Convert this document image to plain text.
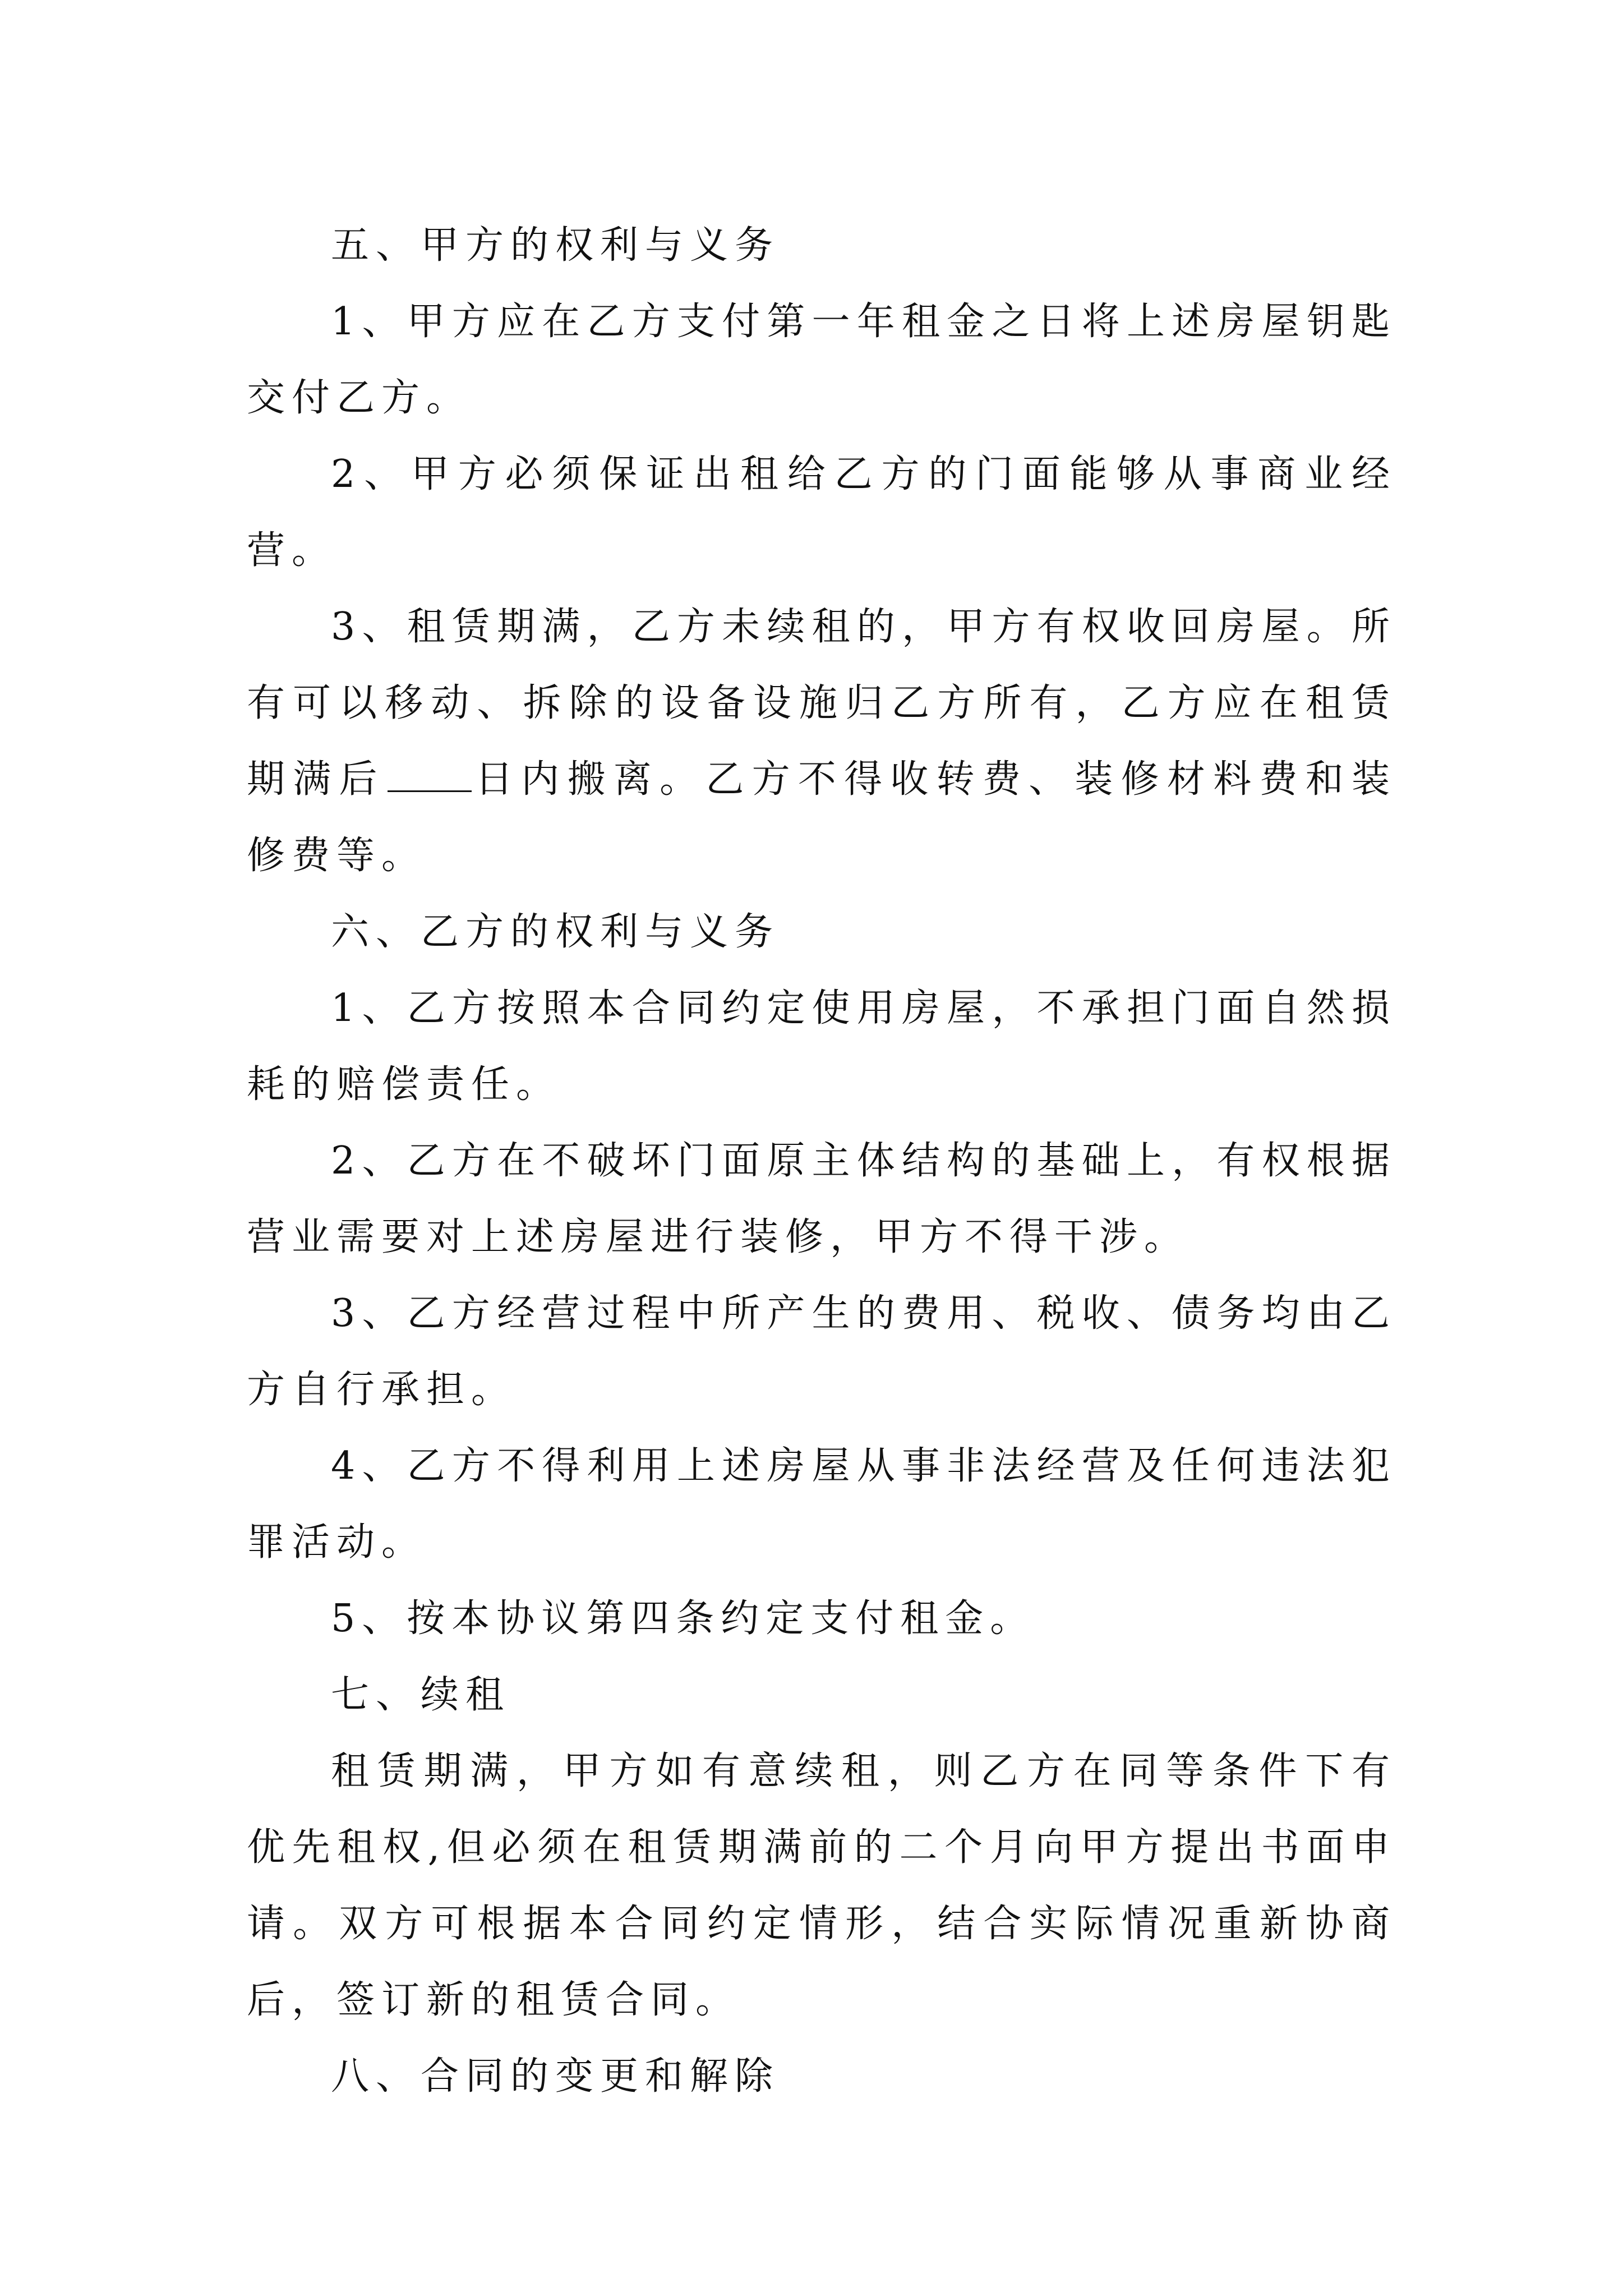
五、甲方的权利与义务

1、甲方应在乙方支付第一年租金之日将上述房屋钥匙交付乙方。

2、甲方必须保证出租给乙方的门面能够从事商业经营。

3、租赁期满，乙方未续租的，甲方有权收回房屋。所有可以移动、拆除的设备设施归乙方所有，乙方应在租赁期满后 日内搬离。乙方不得收转费、装修材料费和装修费等。

六、乙方的权利与义务

1、乙方按照本合同约定使用房屋，不承担门面自然损耗的赔偿责任。

2、乙方在不破坏门面原主体结构的基础上，有权根据营业需要对上述房屋进行装修，甲方不得干涉。

3、乙方经营过程中所产生的费用、税收、债务均由乙方自行承担。

4、乙方不得利用上述房屋从事非法经营及任何违法犯罪活动。

5、按本协议第四条约定支付租金。

七、续租

租赁期满，甲方如有意续租，则乙方在同等条件下有优先租权,但必须在租赁期满前的二个月向甲方提出书面申请。双方可根据本合同约定情形，结合实际情况重新协商后，签订新的租赁合同。

八、合同的变更和解除
